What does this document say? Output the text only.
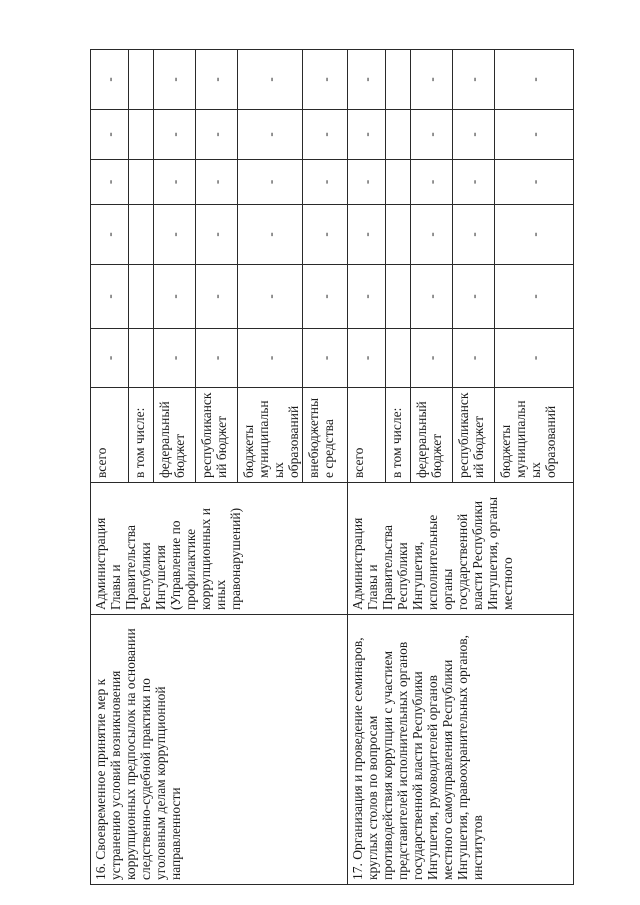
16. Своевременное принятие мер к устранению условий возникновения коррупционных предпосылок на основании следственно-судебной практики по уголовным делам коррупционной направленности	Администрация Главы и Правительства Республики Ингушетия (Управление по профилактике коррупционных и иных правонарушений)	всего	-	-	-	-	-	-
		в том числе:						
		федеральный бюджет	-	-	-	-	-	-
		республиканский бюджет	-	-	-	-	-	-
		бюджеты муниципальных образований	-	-	-	-	-	-
		внебюджетные средства	-	-	-	-	-	-
17. Организация и проведение семинаров, круглых столов по вопросам противодействия коррупции с участием представителей исполнительных органов государственной власти Республики Ингушетия, руководителей органов местного самоуправления Республики Ингушетия, правоохранительных органов, институтов	Администрация Главы и Правительства Республики Ингушетия, исполнительные органы государственной власти Республики Ингушетия, органы местного	всего	-	-	-	-	-	-
		в том числе:						
		федеральный бюджет	-	-	-	-	-	-
		республиканский бюджет	-	-	-	-	-	-
		бюджеты муниципальных образований	-	-	-	-	-	-
